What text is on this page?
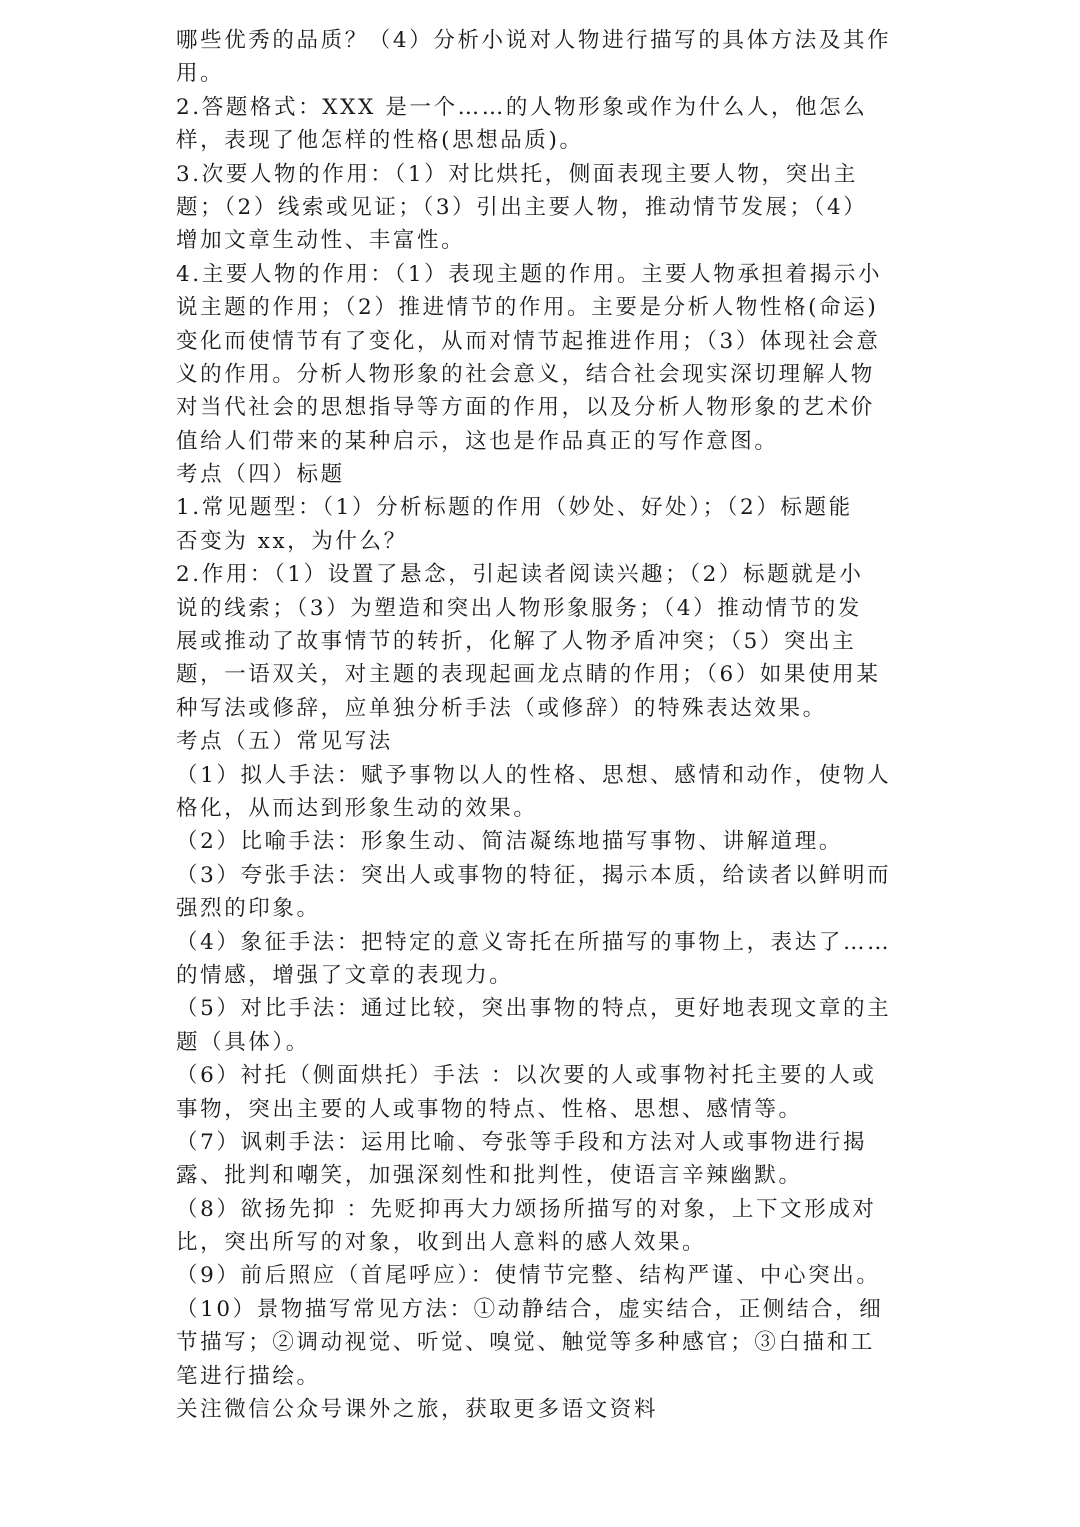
哪些优秀的品质？（4）分析小说对人物进行描写的具体方法及其作
用。
2.答题格式：XXX 是一个……的人物形象或作为什么人，他怎么
样，表现了他怎样的性格(思想品质)。
3.次要人物的作用：（1）对比烘托，侧面表现主要人物，突出主
题；（2）线索或见证；（3）引出主要人物，推动情节发展；（4）
增加文章生动性、丰富性。
4.主要人物的作用：（1）表现主题的作用。主要人物承担着揭示小
说主题的作用；（2）推进情节的作用。主要是分析人物性格(命运)
变化而使情节有了变化，从而对情节起推进作用；（3）体现社会意
义的作用。分析人物形象的社会意义，结合社会现实深切理解人物
对当代社会的思想指导等方面的作用，以及分析人物形象的艺术价
值给人们带来的某种启示，这也是作品真正的写作意图。
考点（四）标题
1.常见题型：（1）分析标题的作用（妙处、好处）；（2）标题能
否变为 xx，为什么？
2.作用：（1）设置了悬念，引起读者阅读兴趣；（2）标题就是小
说的线索；（3）为塑造和突出人物形象服务；（4）推动情节的发
展或推动了故事情节的转折，化解了人物矛盾冲突；（5）突出主
题，一语双关，对主题的表现起画龙点睛的作用；（6）如果使用某
种写法或修辞，应单独分析手法（或修辞）的特殊表达效果。
考点（五）常见写法
（1）拟人手法：赋予事物以人的性格、思想、感情和动作，使物人
格化，从而达到形象生动的效果。
（2）比喻手法：形象生动、简洁凝练地描写事物、讲解道理。
（3）夸张手法：突出人或事物的特征，揭示本质，给读者以鲜明而
强烈的印象。
（4）象征手法：把特定的意义寄托在所描写的事物上，表达了……
的情感，增强了文章的表现力。
（5）对比手法：通过比较，突出事物的特点，更好地表现文章的主
题（具体）。
（6）衬托（侧面烘托）手法 ：以次要的人或事物衬托主要的人或
事物，突出主要的人或事物的特点、性格、思想、感情等。
（7）讽刺手法：运用比喻、夸张等手段和方法对人或事物进行揭
露、批判和嘲笑，加强深刻性和批判性，使语言辛辣幽默。
（8）欲扬先抑 ：先贬抑再大力颂扬所描写的对象，上下文形成对
比，突出所写的对象，收到出人意料的感人效果。
（9）前后照应（首尾呼应）：使情节完整、结构严谨、中心突出。
（10）景物描写常见方法：①动静结合，虚实结合，正侧结合，细
节描写；②调动视觉、听觉、嗅觉、触觉等多种感官；③白描和工
笔进行描绘。
关注微信公众号课外之旅，获取更多语文资料
